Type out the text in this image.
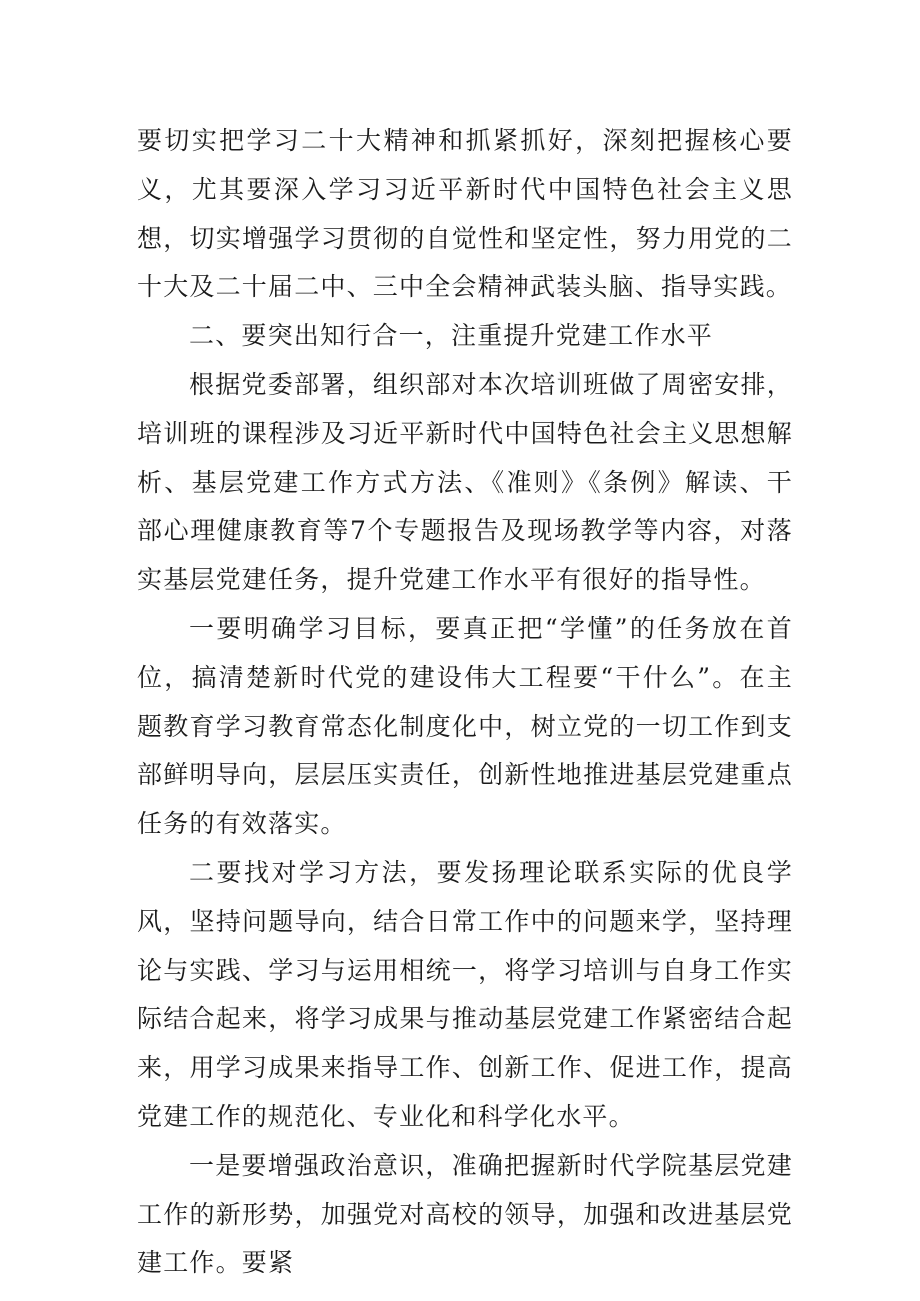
要切实把学习二十大精神和抓紧抓好，深刻把握核心要义，尤其要深入学习习近平新时代中国特色社会主义思想，切实增强学习贯彻的自觉性和坚定性，努力用党的二十大及二十届二中、三中全会精神武装头脑、指导实践。

二、要突出知行合一，注重提升党建工作水平

根据党委部署，组织部对本次培训班做了周密安排，培训班的课程涉及习近平新时代中国特色社会主义思想解析、基层党建工作方式方法、《准则》《条例》解读、干部心理健康教育等7个专题报告及现场教学等内容，对落实基层党建任务，提升党建工作水平有很好的指导性。

一要明确学习目标，要真正把“学懂”的任务放在首位，搞清楚新时代党的建设伟大工程要“干什么”。在主题教育学习教育常态化制度化中，树立党的一切工作到支部鲜明导向，层层压实责任，创新性地推进基层党建重点任务的有效落实。

二要找对学习方法，要发扬理论联系实际的优良学风，坚持问题导向，结合日常工作中的问题来学，坚持理论与实践、学习与运用相统一，将学习培训与自身工作实际结合起来，将学习成果与推动基层党建工作紧密结合起来，用学习成果来指导工作、创新工作、促进工作，提高党建工作的规范化、专业化和科学化水平。

一是要增强政治意识，准确把握新时代学院基层党建工作的新形势，加强党对高校的领导，加强和改进基层党建工作。要紧
